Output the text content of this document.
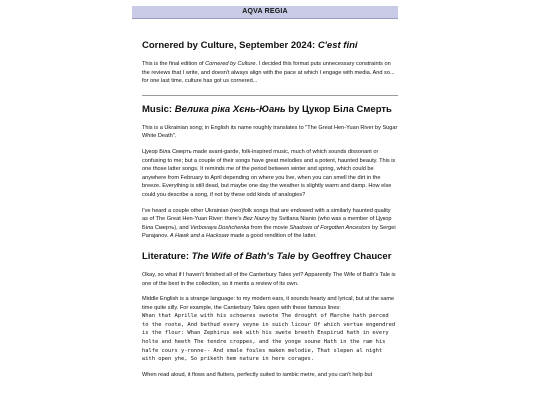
AQVA REGIA
Cornered by Culture, September 2024: C'est fini

This is the final edition of Cornered by Culture. I decided this format puts unnecessary constraints on the reviews that I write, and doesn't always align with the pace at which I engage with media. And so... for one last time, culture has got us cornered...

Music: Велика ріка Хєнь-Юань by Цукор Біла Смерть

This is a Ukrainian song; in English its name roughly translates to "The Great Hen-Yuan River by Sugar White Death".

Цукор Біла Смерть made avant-garde, folk-inspired music, much of which sounds dissonant or confusing to me; but a couple of their songs have great melodies and a potent, haunted beauty. This is one those latter songs. It reminds me of the period between winter and spring, which could be anywhere from February to April depending on where you live, when you can smell the dirt in the breeze. Everything is still dead, but maybe one day the weather is slightly warm and damp. How else could you describe a song, if not by these odd kinds of analogies?

I've heard a couple other Ukrainian (neo)folk songs that are endowed with a similarly haunted quality as of The Great Hen-Yuan River: there's Bez Nazvy by Svitlana Nianio (who was a member of Цукор Біла Смерть), and Verbovaya Doshchenka from the movie Shadows of Forgotten Ancestors by Sergei Parajanov. A Hawk and a Hacksaw made a good rendition of the latter.

Literature: The Wife of Bath's Tale by Geoffrey Chaucer

Okay, so what if I haven't finished all of the Canterbury Tales yet? Apparently The Wife of Bath's Tale is one of the best in the collection, so it merits a review of its own.

Middle English is a strange language: to my modern ears, it sounds hearty and lyrical, but at the same time quite silly. For example, the Canterbury Tales open with these famous lines:

Whan that Aprille with his schowres swoote The drought of Marche hath perced to the roote, And bathud every veyne in suich licour Of which vertue engendred is the flour: Whan Zephirus eek with his swete breeth Enspirud hath in every holte and heeth The tendre croppes, and the yonge soune Hath in the ram his halfe cours y-ronne-- And smale foules maken melodie, That slepen al night with open yhe, So priketh hem nature in here corages.

When read aloud, it flows and flutters, perfectly suited to iambic metre, and you can't help but
